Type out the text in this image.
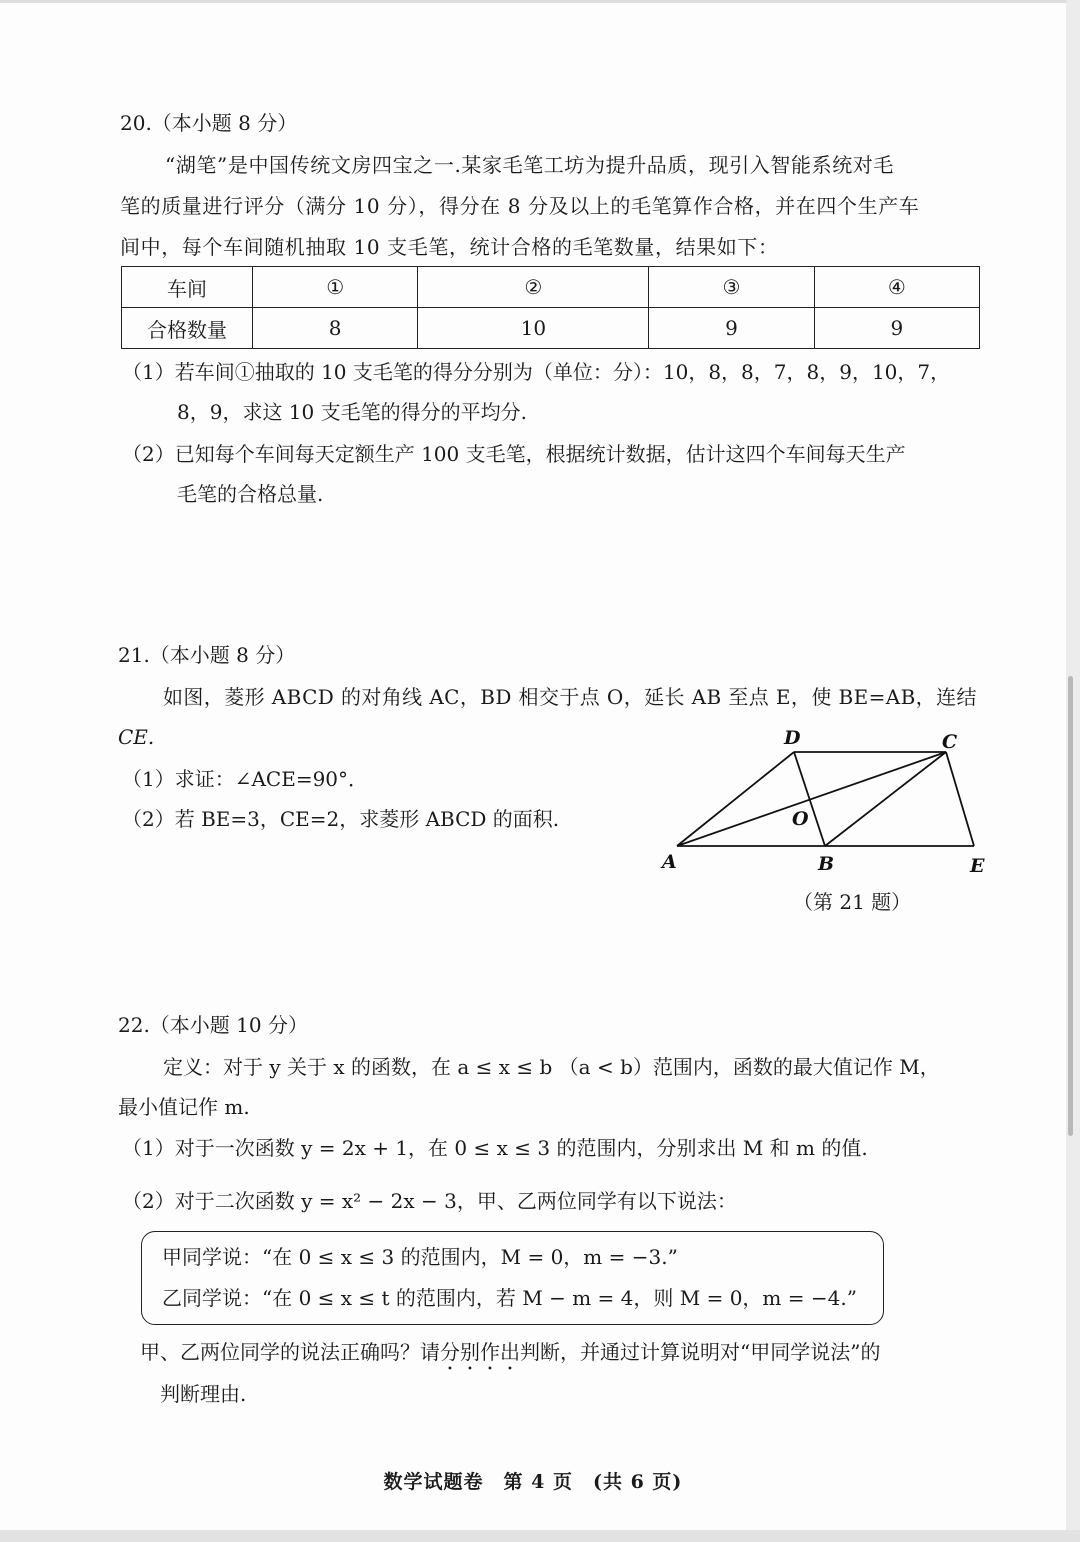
20.（本小题 8 分）
“湖笔”是中国传统文房四宝之一.某家毛笔工坊为提升品质，现引入智能系统对毛
笔的质量进行评分（满分 10 分），得分在 8 分及以上的毛笔算作合格，并在四个生产车
间中，每个车间随机抽取 10 支毛笔，统计合格的毛笔数量，结果如下：
车间	①	②	③	④
合格数量	8	10	9	9
（1）若车间①抽取的 10 支毛笔的得分分别为（单位：分）：10，8，8，7，8，9，10，7，
8，9，求这 10 支毛笔的得分的平均分.
（2）已知每个车间每天定额生产 100 支毛笔，根据统计数据，估计这四个车间每天生产
毛笔的合格总量.
21.（本小题 8 分）
如图，菱形 ABCD 的对角线 AC，BD 相交于点 O，延长 AB 至点 E，使 BE=AB，连结
CE.
（1）求证：∠ACE=90°．
（2）若 BE=3，CE=2，求菱形 ABCD 的面积.
D	C
O
A	B	E
（第 21 题）
22.（本小题 10 分）
定义：对于 y 关于 x 的函数，在 a ≤ x ≤ b （a < b）范围内，函数的最大值记作 M，
最小值记作 m.
（1）对于一次函数 y = 2x + 1，在 0 ≤ x ≤ 3 的范围内，分别求出 M 和 m 的值.
（2）对于二次函数 y = x² − 2x − 3，甲、乙两位同学有以下说法：
甲同学说：“在 0 ≤ x ≤ 3 的范围内，M = 0，m = −3.”
乙同学说：“在 0 ≤ x ≤ t 的范围内，若 M − m = 4，则 M = 0，m = −4.”
甲、乙两位同学的说法正确吗？请分别作出判断，并通过计算说明对“甲同学说法”的
判断理由.
数学试题卷　第 4 页　(共 6 页)
